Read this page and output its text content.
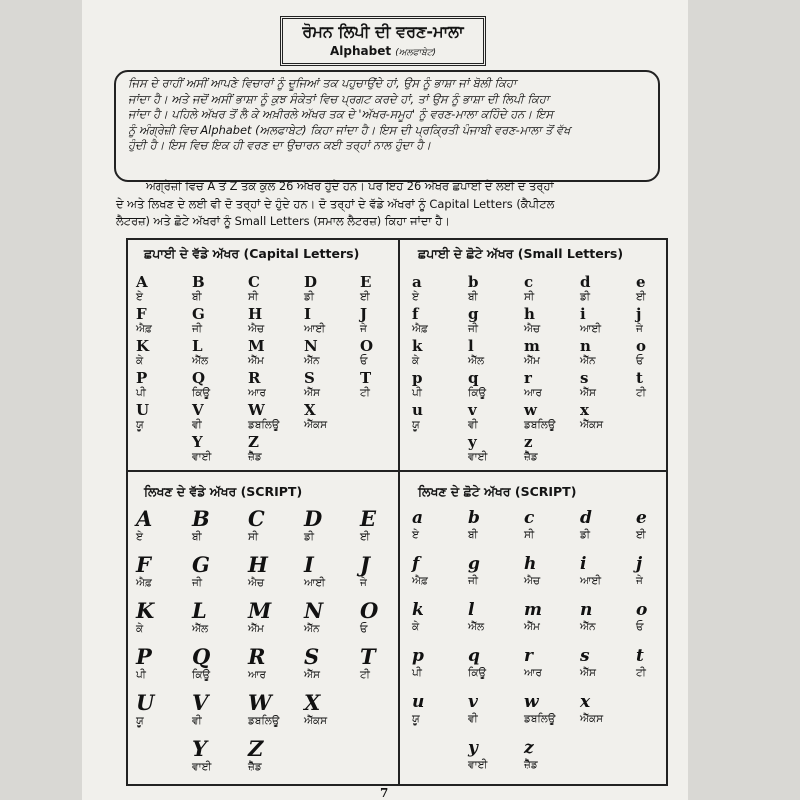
ਰੋਮਨ ਲਿਪੀ ਦੀ ਵਰਣ-ਮਾਲਾ
Alphabet (ਅਲਫਾਬੇਟ)
ਜਿਸ ਦੇ ਰਾਹੀਂ ਅਸੀਂ ਆਪਣੇ ਵਿਚਾਰਾਂ ਨੂੰ ਦੂਜਿਆਂ ਤਕ ਪਹੁਚਾਉਂਦੇ ਹਾਂ, ਉਸ ਨੂੰ ਭਾਸ਼ਾ ਜਾਂ ਬੋਲੀ ਕਿਹਾ
ਜਾਂਦਾ ਹੈ। ਅਤੇ ਜਦੋਂ ਅਸੀਂ ਭਾਸ਼ਾ ਨੂੰ ਕੁਝ ਸੰਕੇਤਾਂ ਵਿਚ ਪ੍ਰਗਟ ਕਰਦੇ ਹਾਂ, ਤਾਂ ਉਸ ਨੂੰ ਭਾਸ਼ਾ ਦੀ ਲਿਪੀ ਕਿਹਾ
ਜਾਂਦਾ ਹੈ। ਪਹਿਲੇ ਅੱਖਰ ਤੋਂ ਲੈ ਕੇ ਅਖ਼ੀਰਲੇ ਅੱਖਰ ਤਕ ਦੇ 'ਅੱਖਰ-ਸਮੂਹ' ਨੂੰ ਵਰਣ-ਮਾਲਾ ਕਹਿੰਦੇ ਹਨ। ਇਸ
ਨੂੰ ਅੰਗ੍ਰੇਜ਼ੀ ਵਿਚ Alphabet (ਅਲਫਾਬੇਟ) ਕਿਹਾ ਜਾਂਦਾ ਹੈ। ਇਸ ਦੀ ਪ੍ਰਕ੍ਰਿਤੀ ਪੰਜਾਬੀ ਵਰਣ-ਮਾਲਾ ਤੋਂ ਵੱਖ
ਹੁੰਦੀ ਹੈ। ਇਸ ਵਿਚ ਇਕ ਹੀ ਵਰਣ ਦਾ ਉਚਾਰਨ ਕਈ ਤਰ੍ਹਾਂ ਨਾਲ ਹੁੰਦਾ ਹੈ।
ਅੰਗ੍ਰੇਜ਼ੀ ਵਿਚ A ਤੋਂ Z ਤਕ ਕੁਲ 26 ਅੱਖਰ ਹੁੰਦੇ ਹਨ। ਪਰ ਇਹ 26 ਅੱਖਰ ਛਪਾਈ ਦੇ ਲਈ ਦੋ ਤਰ੍ਹਾਂ
ਦੇ ਅਤੇ ਲਿਖਣ ਦੇ ਲਈ ਵੀ ਦੋ ਤਰ੍ਹਾਂ ਦੇ ਹੁੰਦੇ ਹਨ। ਦੋ ਤਰ੍ਹਾਂ ਦੇ ਵੱਡੇ ਅੱਖਰਾਂ ਨੂੰ Capital Letters (ਕੈਪੀਟਲ
ਲੈਟਰਜ਼) ਅਤੇ ਛੋਟੇ ਅੱਖਰਾਂ ਨੂੰ Small Letters (ਸਮਾਲ ਲੈਟਰਜ਼) ਕਿਹਾ ਜਾਂਦਾ ਹੈ।
ਛਪਾਈ ਦੇ ਵੱਡੇ ਅੱਖਰ (Capital Letters)	ਛਪਾਈ ਦੇ ਛੋਟੇ ਅੱਖਰ (Small Letters)
ਲਿਖਣ ਦੇ ਵੱਡੇ ਅੱਖਰ (SCRIPT)	ਲਿਖਣ ਦੇ ਛੋਟੇ ਅੱਖਰ (SCRIPT)
A
ਏ
B
ਬੀ
C
ਸੀ
D
ਡੀ
E
ਈ
F
ਐਫ਼
G
ਜੀ
H
ਐਚ
I
ਆਈ
J
ਜੇ
K
ਕੇ
L
ਐੱਲ
M
ਐੱਮ
N
ਐੱਨ
O
ਓ
P
ਪੀ
Q
ਕਿਊ
R
ਆਰ
S
ਐੱਸ
T
ਟੀ
U
ਯੂ
V
ਵੀ
W
ਡਬਲਿਊ
X
ਐੱਕਸ
Y
ਵਾਈ
Z
ਜ਼ੈੱਡ
a
ਏ
b
ਬੀ
c
ਸੀ
d
ਡੀ
e
ਈ
f
ਐਫ਼
g
ਜੀ
h
ਐਚ
i
ਆਈ
j
ਜੇ
k
ਕੇ
l
ਐੱਲ
m
ਐੱਮ
n
ਐੱਨ
o
ਓ
p
ਪੀ
q
ਕਿਊ
r
ਆਰ
s
ਐੱਸ
t
ਟੀ
u
ਯੂ
v
ਵੀ
w
ਡਬਲਿਊ
x
ਐੱਕਸ
y
ਵਾਈ
z
ਜ਼ੈੱਡ
A
ਏ
B
ਬੀ
C
ਸੀ
D
ਡੀ
E
ਈ
F
ਐਫ਼
G
ਜੀ
H
ਐਚ
I
ਆਈ
J
ਜੇ
K
ਕੇ
L
ਐੱਲ
M
ਐੱਮ
N
ਐੱਨ
O
ਓ
P
ਪੀ
Q
ਕਿਊ
R
ਆਰ
S
ਐੱਸ
T
ਟੀ
U
ਯੂ
V
ਵੀ
W
ਡਬਲਿਊ
X
ਐੱਕਸ
Y
ਵਾਈ
Z
ਜ਼ੈੱਡ
a
ਏ
b
ਬੀ
c
ਸੀ
d
ਡੀ
e
ਈ
f
ਐਫ਼
g
ਜੀ
h
ਐਚ
i
ਆਈ
j
ਜੇ
k
ਕੇ
l
ਐੱਲ
m
ਐੱਮ
n
ਐੱਨ
o
ਓ
p
ਪੀ
q
ਕਿਊ
r
ਆਰ
s
ਐੱਸ
t
ਟੀ
u
ਯੂ
v
ਵੀ
w
ਡਬਲਿਊ
x
ਐੱਕਸ
y
ਵਾਈ
z
ਜ਼ੈੱਡ
7
